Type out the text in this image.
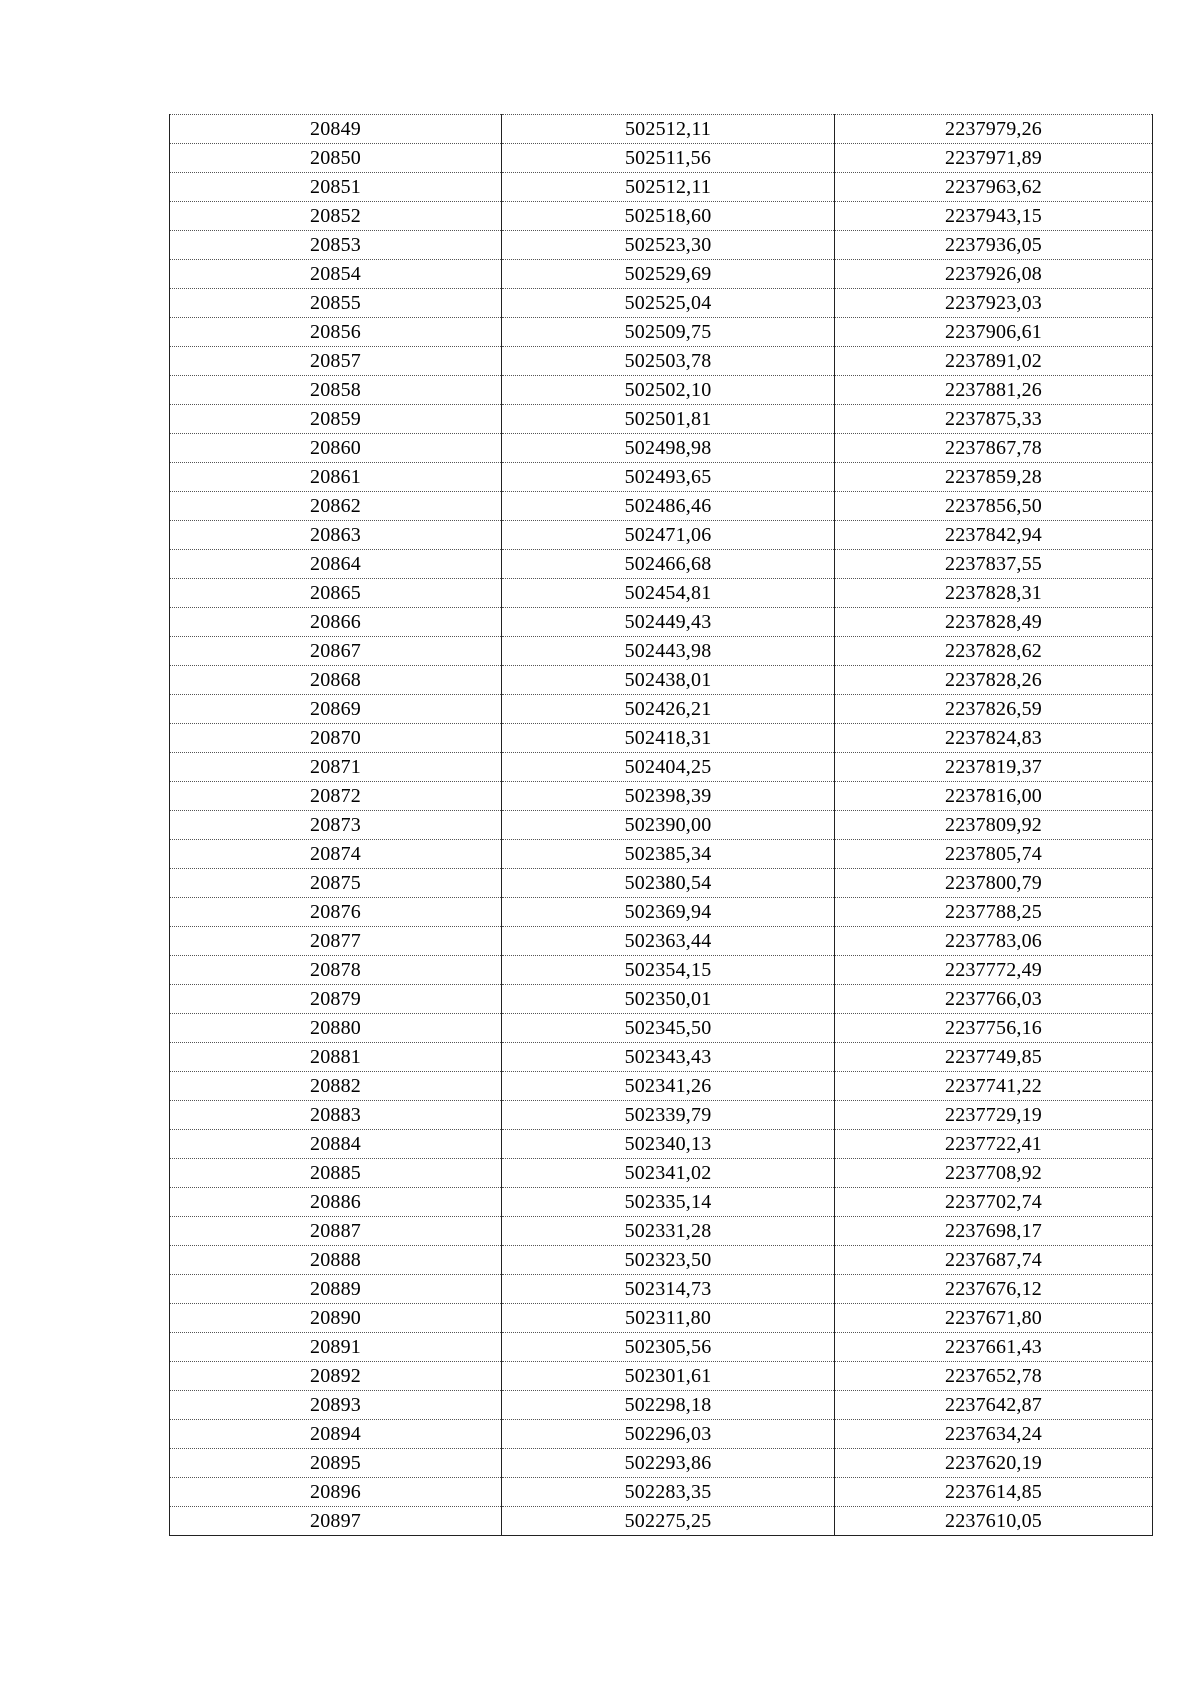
20849	502512,11	2237979,26
20850	502511,56	2237971,89
20851	502512,11	2237963,62
20852	502518,60	2237943,15
20853	502523,30	2237936,05
20854	502529,69	2237926,08
20855	502525,04	2237923,03
20856	502509,75	2237906,61
20857	502503,78	2237891,02
20858	502502,10	2237881,26
20859	502501,81	2237875,33
20860	502498,98	2237867,78
20861	502493,65	2237859,28
20862	502486,46	2237856,50
20863	502471,06	2237842,94
20864	502466,68	2237837,55
20865	502454,81	2237828,31
20866	502449,43	2237828,49
20867	502443,98	2237828,62
20868	502438,01	2237828,26
20869	502426,21	2237826,59
20870	502418,31	2237824,83
20871	502404,25	2237819,37
20872	502398,39	2237816,00
20873	502390,00	2237809,92
20874	502385,34	2237805,74
20875	502380,54	2237800,79
20876	502369,94	2237788,25
20877	502363,44	2237783,06
20878	502354,15	2237772,49
20879	502350,01	2237766,03
20880	502345,50	2237756,16
20881	502343,43	2237749,85
20882	502341,26	2237741,22
20883	502339,79	2237729,19
20884	502340,13	2237722,41
20885	502341,02	2237708,92
20886	502335,14	2237702,74
20887	502331,28	2237698,17
20888	502323,50	2237687,74
20889	502314,73	2237676,12
20890	502311,80	2237671,80
20891	502305,56	2237661,43
20892	502301,61	2237652,78
20893	502298,18	2237642,87
20894	502296,03	2237634,24
20895	502293,86	2237620,19
20896	502283,35	2237614,85
20897	502275,25	2237610,05
